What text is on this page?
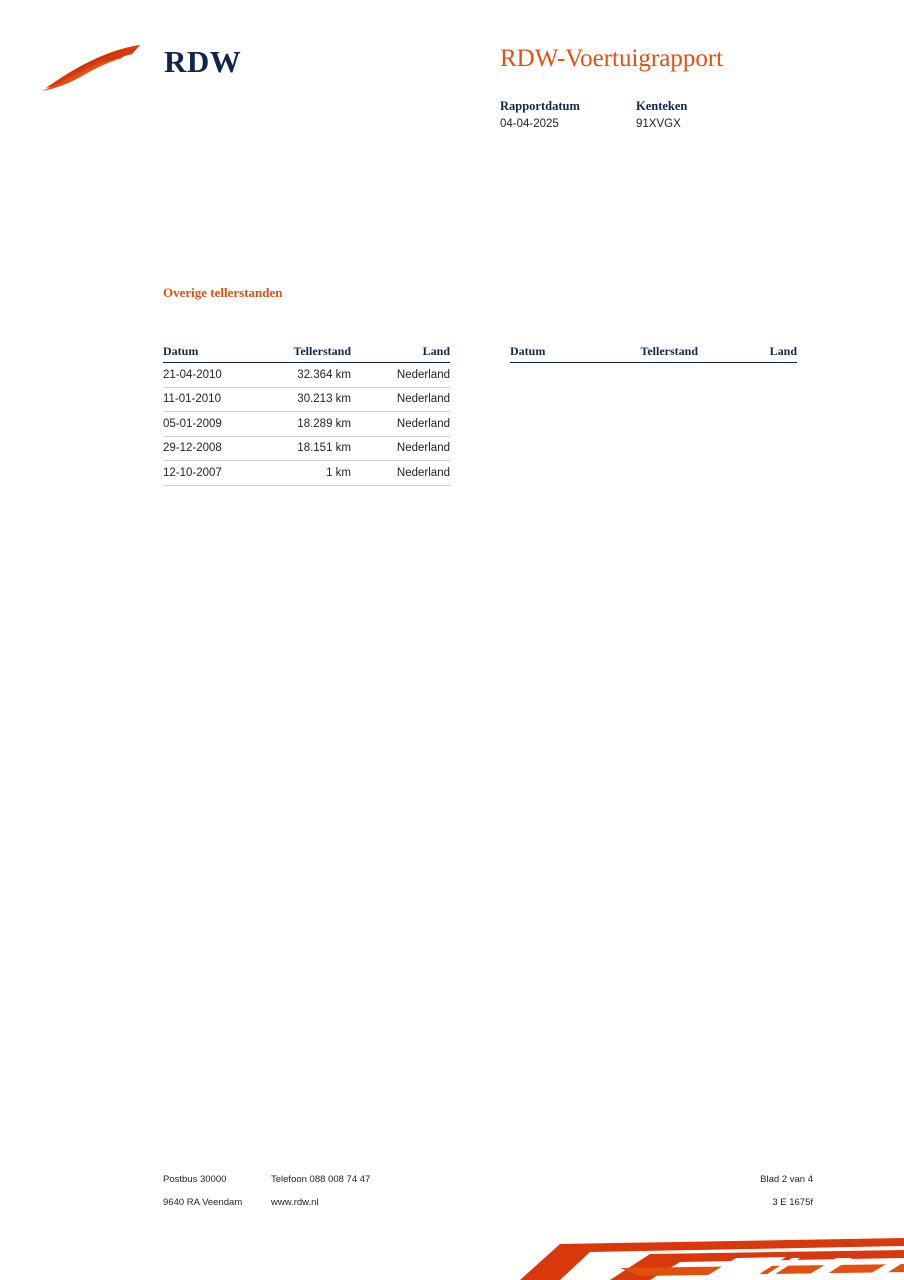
RDW	RDW-Voertuigrapport
Rapportdatum	Kenteken
04-04-2025	91XVGX
Overige tellerstanden
Datum	Tellerstand	Land
21-04-2010	32.364 km	Nederland
11-01-2010	30.213 km	Nederland
05-01-2009	18.289 km	Nederland
29-12-2008	18.151 km	Nederland
12-10-2007	1 km	Nederland
Datum	Tellerstand	Land
Postbus 30000	Telefoon 088 008 74 47	Blad 2 van 4
9640 RA Veendam	www.rdw.nl	3 E 1675f
